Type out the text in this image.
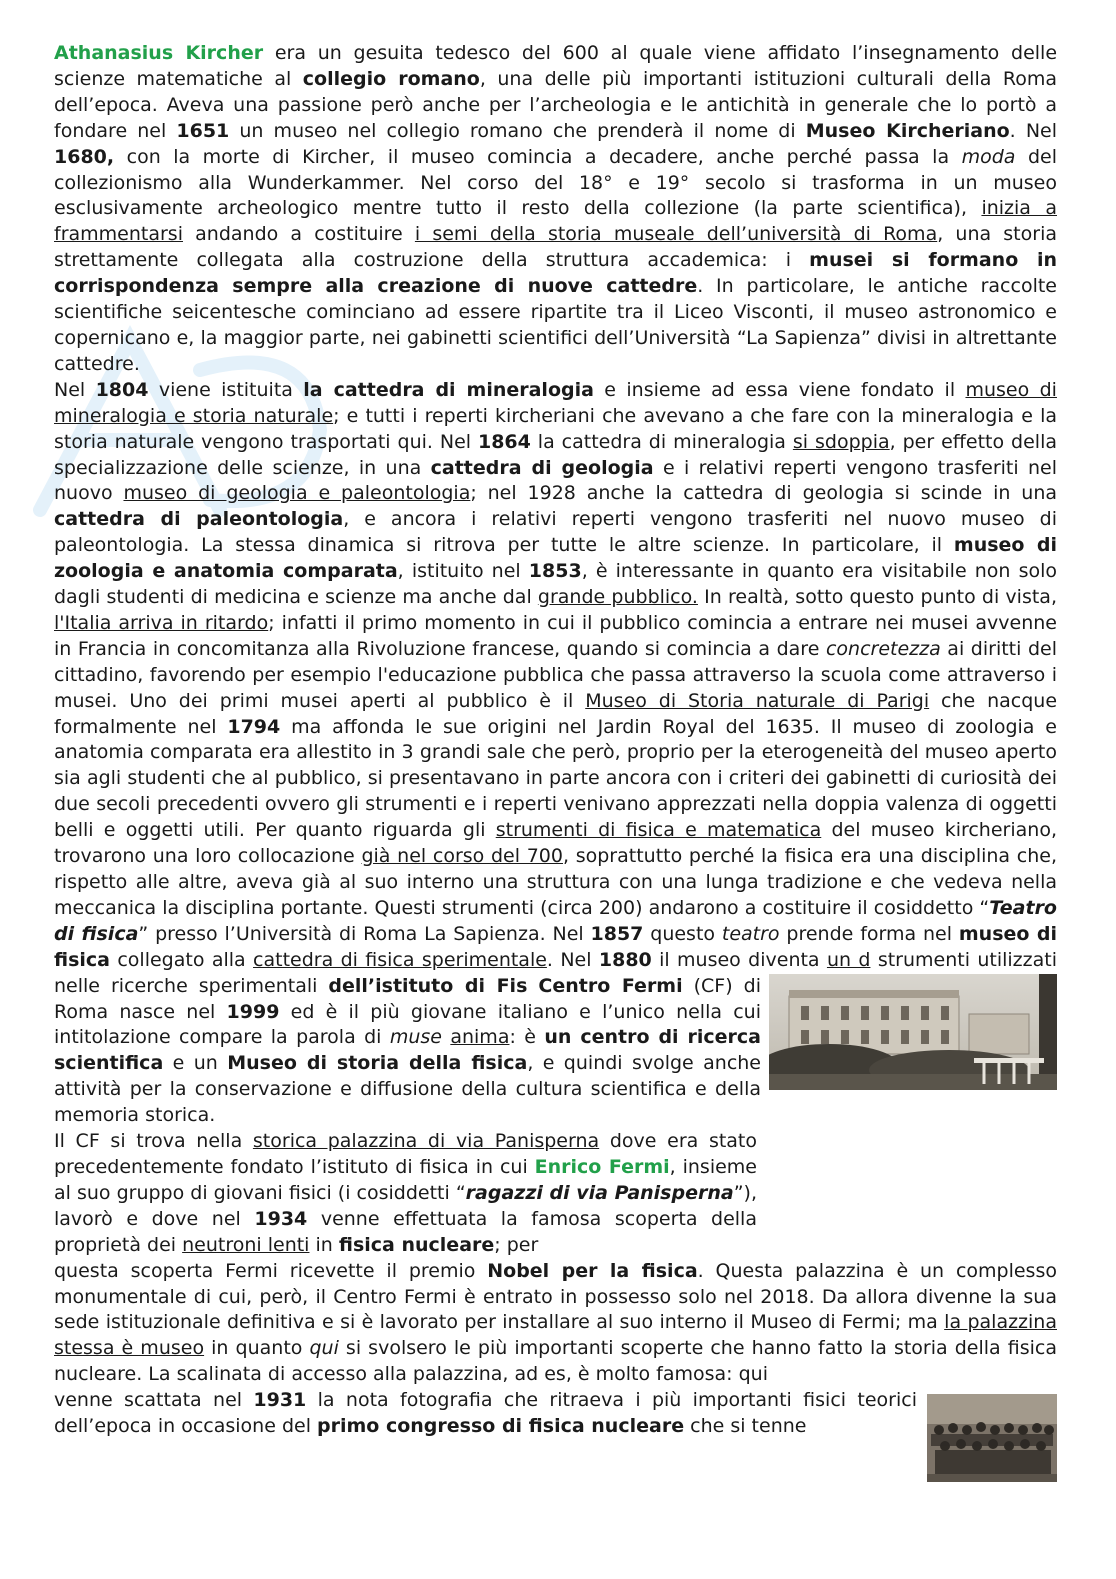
Athanasius Kircher era un gesuita tedesco del 600 al quale viene affidato l’insegnamento delle scienze matematiche al collegio romano, una delle più importanti istituzioni culturali della Roma dell’epoca. Aveva una passione però anche per l’archeologia e le antichità in generale che lo portò a fondare nel 1651 un museo nel collegio romano che prenderà il nome di Museo Kircheriano. Nel 1680, con la morte di Kircher, il museo comincia a decadere, anche perché passa la moda del collezionismo alla Wunderkammer. Nel corso del 18° e 19° secolo si trasforma in un museo esclusivamente archeologico mentre tutto il resto della collezione (la parte scientifica), inizia a frammentarsi andando a costituire i semi della storia museale dell’università di Roma, una storia strettamente collegata alla costruzione della struttura accademica: i musei si formano in corrispondenza sempre alla creazione di nuove cattedre. In particolare, le antiche raccolte scientifiche seicentesche cominciano ad essere ripartite tra il Liceo Visconti, il museo astronomico e copernicano e, la maggior parte, nei gabinetti scientifici dell’Università “La Sapienza” divisi in altrettante cattedre.

Nel 1804 viene istituita la cattedra di mineralogia e insieme ad essa viene fondato il museo di mineralogia e storia naturale; e tutti i reperti kircheriani che avevano a che fare con la mineralogia e la storia naturale vengono trasportati qui. Nel 1864 la cattedra di mineralogia si sdoppia, per effetto della specializzazione delle scienze, in una cattedra di geologia e i relativi reperti vengono trasferiti nel nuovo museo di geologia e paleontologia; nel 1928 anche la cattedra di geologia si scinde in una cattedra di paleontologia, e ancora i relativi reperti vengono trasferiti nel nuovo museo di paleontologia. La stessa dinamica si ritrova per tutte le altre scienze. In particolare, il museo di zoologia e anatomia comparata, istituito nel 1853, è interessante in quanto era visitabile non solo dagli studenti di medicina e scienze ma anche dal grande pubblico. In realtà, sotto questo punto di vista, l'Italia arriva in ritardo; infatti il primo momento in cui il pubblico comincia a entrare nei musei avvenne in Francia in concomitanza alla Rivoluzione francese, quando si comincia a dare concretezza ai diritti del cittadino, favorendo per esempio l'educazione pubblica che passa attraverso la scuola come attraverso i musei. Uno dei primi musei aperti al pubblico è il Museo di Storia naturale di Parigi che nacque formalmente nel 1794 ma affonda le sue origini nel Jardin Royal del 1635. Il museo di zoologia e anatomia comparata era allestito in 3 grandi sale che però, proprio per la eterogeneità del museo aperto sia agli studenti che al pubblico, si presentavano in parte ancora con i criteri dei gabinetti di curiosità dei due secoli precedenti ovvero gli strumenti e i reperti venivano apprezzati nella doppia valenza di oggetti belli e oggetti utili. Per quanto riguarda gli strumenti di fisica e matematica del museo kircheriano, trovarono una loro collocazione già nel corso del 700, soprattutto perché la fisica era una disciplina che, rispetto alle altre, aveva già al suo interno una struttura con una lunga tradizione e che vedeva nella meccanica la disciplina portante. Questi strumenti (circa 200) andarono a costituire il cosiddetto “Teatro di fisica” presso l’Università di Roma La Sapienza. Nel 1857 questo teatro prende forma nel museo di fisica collegato alla cattedra di fisica sperimentale. Nel 1880 il museo diventa
un d strumenti utilizzati nelle ricerche sperimentali dell’istituto di Fis Centro Fermi (CF) di Roma nasce nel 1999 ed è il più giovane italiano e l’unico nella cui intitolazione compare la parola di muse anima: è un centro di ricerca scientifica e un Museo di storia della fisica, e quindi svolge anche attività per la conservazione e diffusione della cultura scientifica e della memoria storica.

Il CF si trova nella storica palazzina di via Panisperna dove era stato precedentemente fondato l’istituto di fisica in cui Enrico Fermi, insieme al suo gruppo di giovani fisici (i cosiddetti “ragazzi di via Panisperna”), lavorò e dove nel 1934 venne effettuata la famosa scoperta della proprietà dei neutroni lenti in fisica nucleare; per

questa scoperta Fermi ricevette il premio Nobel per la fisica. Questa palazzina è un complesso monumentale di cui, però, il Centro Fermi è entrato in possesso solo nel 2018. Da allora divenne la sua sede istituzionale definitiva e si è lavorato per installare al suo interno il Museo di Fermi; ma la palazzina stessa è museo in quanto qui si svolsero le più importanti scoperte che hanno fatto la storia della fisica nucleare. La scalinata di accesso alla palazzina, ad es, è molto famosa: qui

venne scattata nel 1931 la nota fotografia che ritraeva i più importanti fisici teorici dell’epoca in occasione del primo congresso di fisica nucleare che si tenne
